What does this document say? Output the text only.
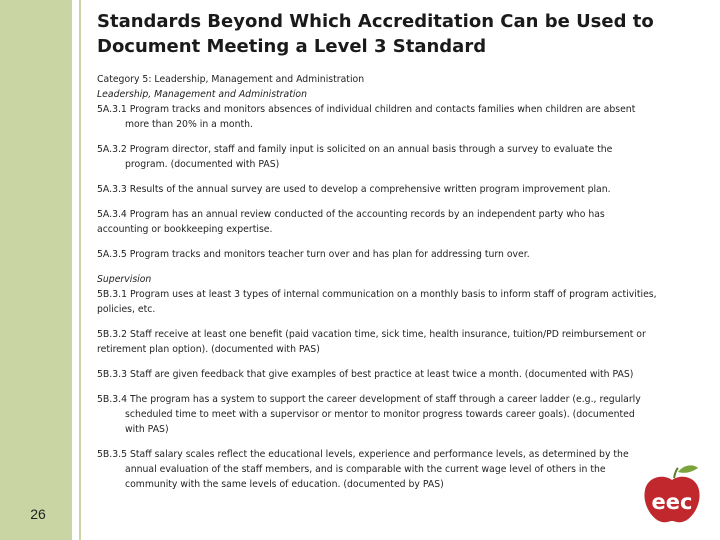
Standards Beyond Which Accreditation Can be Used to Document Meeting a Level 3 Standard

Category 5: Leadership, Management and Administration

Leadership, Management and Administration

5A.3.1 Program tracks and monitors absences of individual children and contacts families when children are absent more than 20% in a month.

5A.3.2 Program director, staff and family input is solicited on an annual basis through a survey to evaluate the program. (documented with PAS)

5A.3.3 Results of the annual survey are used to develop a comprehensive written program improvement plan.

5A.3.4 Program has an annual review conducted of the accounting records by an independent party who has accounting or bookkeeping expertise.

5A.3.5 Program tracks and monitors teacher turn over and has plan for addressing turn over.

Supervision

5B.3.1 Program uses at least 3 types of internal communication on a monthly basis to inform staff of program activities, policies, etc.

5B.3.2 Staff receive at least one benefit (paid vacation time, sick time, health insurance, tuition/PD reimbursement or retirement plan option). (documented with PAS)

5B.3.3 Staff are given feedback that give examples of best practice at least twice a month. (documented with PAS)

5B.3.4 The program has a system to support the career development of staff through a career ladder (e.g., regularly scheduled time to meet with a supervisor or mentor to monitor progress towards career goals). (documented with PAS)

5B.3.5 Staff salary scales reflect the educational levels, experience and performance levels, as determined by the annual evaluation of the staff members, and is comparable with the current wage level of others in the community with the same levels of education. (documented by PAS)

26	eec
